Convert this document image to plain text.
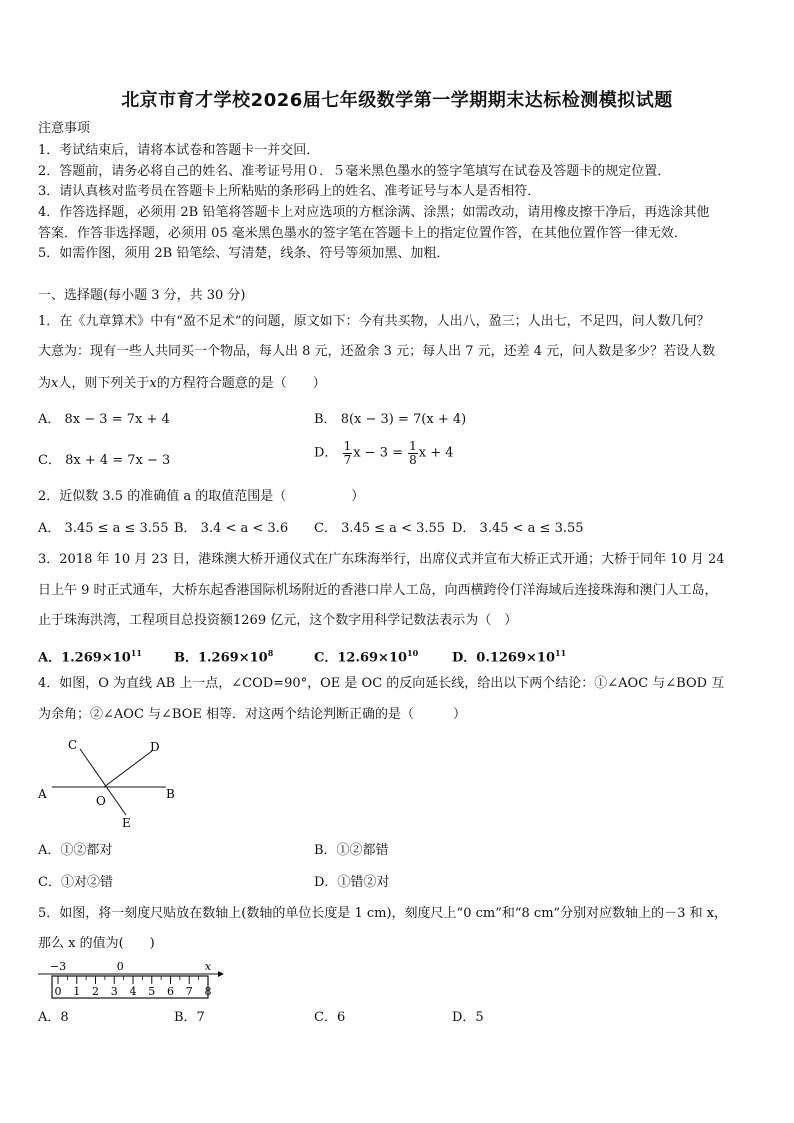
北京市育才学校2026届七年级数学第一学期期末达标检测模拟试题
注意事项
1．考试结束后，请将本试卷和答题卡一并交回．
2．答题前，请务必将自己的姓名、准考证号用０．５毫米黑色墨水的签字笔填写在试卷及答题卡的规定位置．
3．请认真核对监考员在答题卡上所粘贴的条形码上的姓名、准考证号与本人是否相符．
4．作答选择题，必须用 2B 铅笔将答题卡上对应选项的方框涂满、涂黑；如需改动，请用橡皮擦干净后，再选涂其他
答案．作答非选择题，必须用 05 毫米黑色墨水的签字笔在答题卡上的指定位置作答，在其他位置作答一律无效．
5．如需作图，须用 2B 铅笔绘、写清楚，线条、符号等须加黑、加粗．
一、选择题(每小题 3 分，共 30 分)
1．在《九章算术》中有“盈不足术”的问题，原文如下：今有共买物，人出八，盈三；人出七，不足四，问人数几何？
大意为：现有一些人共同买一个物品，每人出 8 元，还盈余 3 元；每人出 7 元，还差 4 元，问人数是多少？若设人数
为x人，则下列关于x的方程符合题意的是（　　）
A． 8x − 3 = 7x + 4	B． 8(x − 3) = 7(x + 4)
C． 8x + 4 = 7x − 3	D． $\frac{1}{7}$ $x - 3 = \frac{1}{8}$ x + 4
2．近似数 3.5 的准确值 a 的取值范围是（　　　　　）
A． 3.45 ≤ a ≤ 3.55 B． 3.4 < a < 3.6 C． 3.45 ≤ a < 3.55 D． 3.45 < a ≤ 3.55
3．2018 年 10 月 23 日，港珠澳大桥开通仪式在广东珠海举行，出席仪式并宣布大桥正式开通；大桥于同年 10 月 24
日上午 9 时正式通车，大桥东起香港国际机场附近的香港口岸人工岛，向西横跨伶仃洋海域后连接珠海和澳门人工岛，
止于珠海洪湾，工程项目总投资额1269 亿元，这个数字用科学记数法表示为（　）
A．$1.269\times 10^{11}$ B．$1.269\times 10^8$	C．$12.69\times 10^{10}$	D．$0.1269\times 10^{11}$
4．如图，O 为直线 AB 上一点，∠COD=90°，OE 是 OC 的反向延长线，给出以下两个结论：①∠AOC 与∠BOD 互
为余角；②∠AOC 与∠BOE 相等．对这两个结论判断正确的是（　　　）
A	B
C	D
O
E
A．①②都对	B．①②都错
C．①对②错	D．①错②对
5．如图，将一刻度尺贴放在数轴上(数轴的单位长度是 1 cm)，刻度尺上“0 cm”和“8 cm”分别对应数轴上的－3 和 x，
那么 x 的值为(　　)
−3	0	x
0 1 2 3 4 5 6 7 8
A．8	B．7	C．6	D．5
